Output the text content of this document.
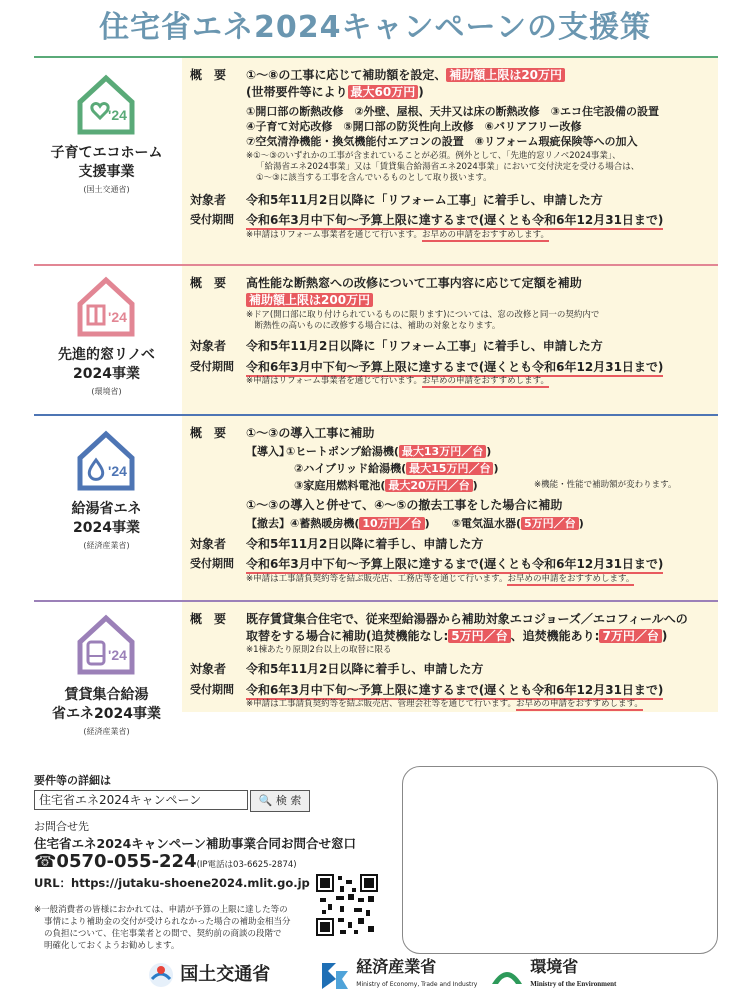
住宅省エネ2024キャンペーンの支援策
'24
子育てエコホーム
支援事業
(国土交通省)
概　要	①～⑧の工事に応じて補助額を設定、 補助額上限は20万円
(世帯要件等により 最大60万円 )
①開口部の断熱改修　②外壁、屋根、天井又は床の断熱改修　③エコ住宅設備の設置
④子育て対応改修　⑤開口部の防災性向上改修　⑥バリアフリー改修
⑦空気清浄機能・換気機能付エアコンの設置　⑧リフォーム瑕疵保険等への加入
※①～③のいずれかの工事が含まれていることが必須。例外として、「先進的窓リノベ2024事業」、
「給湯省エネ2024事業」又は「賃貸集合給湯省エネ2024事業」において交付決定を受ける場合は、
①～③に該当する工事を含んでいるものとして取り扱います。
対象者	令和5年11月2日以降に「リフォーム工事」に着手し、申請した方
受付期間	令和6年3月中下旬～予算上限に達するまで(遅くとも令和6年12月31日まで)
※申請はリフォーム事業者を通じて行います。お早めの申請をおすすめします。
'24
先進的窓リノベ
2024事業
(環境省)
概　要	高性能な断熱窓への改修について工事内容に応じて定額を補助
補助額上限は200万円
※ドア(開口部に取り付けられているものに限ります)については、窓の改修と同一の契約内で
　断熱性の高いものに改修する場合には、補助の対象となります。
対象者	令和5年11月2日以降に「リフォーム工事」に着手し、申請した方
受付期間	令和6年3月中下旬～予算上限に達するまで(遅くとも令和6年12月31日まで)
※申請はリフォーム事業者を通じて行います。お早めの申請をおすすめします。
'24
給湯省エネ
2024事業
(経済産業省)
概　要	①～③の導入工事に補助
【導入】
①ヒートポンプ給湯機( 最大13万円／台 )
②ハイブリッド給湯機( 最大15万円／台 )
③家庭用燃料電池( 最大20万円／台 )	※機能・性能で補助額が変わります。
①～③の導入と併せて、④～⑤の撤去工事をした場合に補助
【撤去】④蓄熱暖房機( 10万円／台 )　　 ⑤電気温水器( 5万円／台 )
対象者	令和5年11月2日以降に着手し、申請した方
受付期間	令和6年3月中下旬～予算上限に達するまで(遅くとも令和6年12月31日まで)
※申請は工事請負契約等を結ぶ販売店、工務店等を通じて行います。お早めの申請をおすすめします。
'24
賃貸集合給湯
省エネ2024事業
(経済産業省)
概　要	既存賃貸集合住宅で、従来型給湯器から補助対象エコジョーズ／エコフィールへの
取替をする場合に補助(追焚機能なし: 5万円／台 、追焚機能あり: 7万円／台 )
※1棟あたり原則2台以上の取替に限る
対象者	令和5年11月2日以降に着手し、申請した方
受付期間	令和6年3月中下旬～予算上限に達するまで(遅くとも令和6年12月31日まで)
※申請は工事請負契約等を結ぶ販売店、管理会社等を通じて行います。お早めの申請をおすすめします。
要件等の詳細は
住宅省エネ2024キャンペーン	🔍 検 索
お問合せ先
住宅省エネ2024キャンペーン補助事業合同お問合せ窓口
☎0570-055-224(IP電話は03-6625-2874)
URL：https://jutaku-shoene2024.mlit.go.jp
※一般消費者の皆様におかれては、申請が予算の上限に達した等の
事情により補助金の交付が受けられなかった場合の補助金相当分
の負担について、住宅事業者との間で、契約前の商談の段階で
明確化しておくようお勧めします。
国土交通省	経済産業省
Ministry of Economy, Trade and Industry
環境省
Ministry of the Environment
